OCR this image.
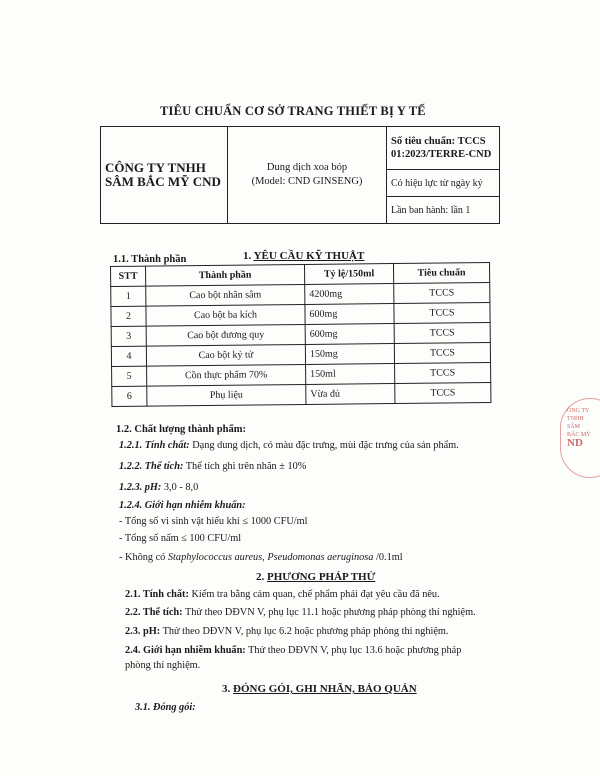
TIÊU CHUẨN CƠ SỞ TRANG THIẾT BỊ Y TẾ
CÔNG TY TNHH SÂM BẮC MỸ CND

Dung dịch xoa bóp
(Model: CND GINSENG)

Số tiêu chuẩn: TCCS 01:2023/TERRE-CND

Có hiệu lực từ ngày ký
Lần ban hành: lần 1
1. YÊU CẦU KỸ THUẬT
1.1. Thành phần
STT	Thành phần	Tỷ lệ/150ml	Tiêu chuẩn
1	Cao bột nhân sâm	4200mg	TCCS
2	Cao bột ba kích	600mg	TCCS
3	Cao bột đương quy	600mg	TCCS
4	Cao bột kỷ tử	150mg	TCCS
5	Cồn thực phẩm 70%	150ml	TCCS
6	Phụ liệu	Vừa đủ	TCCS
1.2. Chất lượng thành phẩm:
1.2.1. Tính chất: Dạng dung dịch, có màu đặc trưng, mùi đặc trưng của sản phẩm.
1.2.2. Thể tích: Thể tích ghi trên nhãn ± 10%
1.2.3. pH: 3,0 - 8,0
1.2.4. Giới hạn nhiễm khuẩn:
- Tổng số vi sinh vật hiếu khí ≤ 1000 CFU/ml
- Tổng số nấm ≤ 100 CFU/ml
- Không có Staphylococcus aureus, Pseudomonas aeruginosa /0.1ml
2. PHƯƠNG PHÁP THỬ
2.1. Tính chất: Kiểm tra bằng cảm quan, chế phẩm phải đạt yêu cầu đã nêu.
2.2. Thể tích: Thử theo DĐVN V, phụ lục 11.1 hoặc phương pháp phòng thí nghiệm.
2.3. pH: Thử theo DĐVN V, phụ lục 6.2 hoặc phương pháp phòng thí nghiệm.
2.4. Giới hạn nhiễm khuẩn: Thử theo DĐVN V, phụ lục 13.6 hoặc phương pháp
phòng thí nghiệm.
3. ĐÓNG GÓI, GHI NHÃN, BẢO QUẢN
3.1. Đóng gói:
ÔNG TY
TNHH
SÂM
BẮC MỸ
ND
